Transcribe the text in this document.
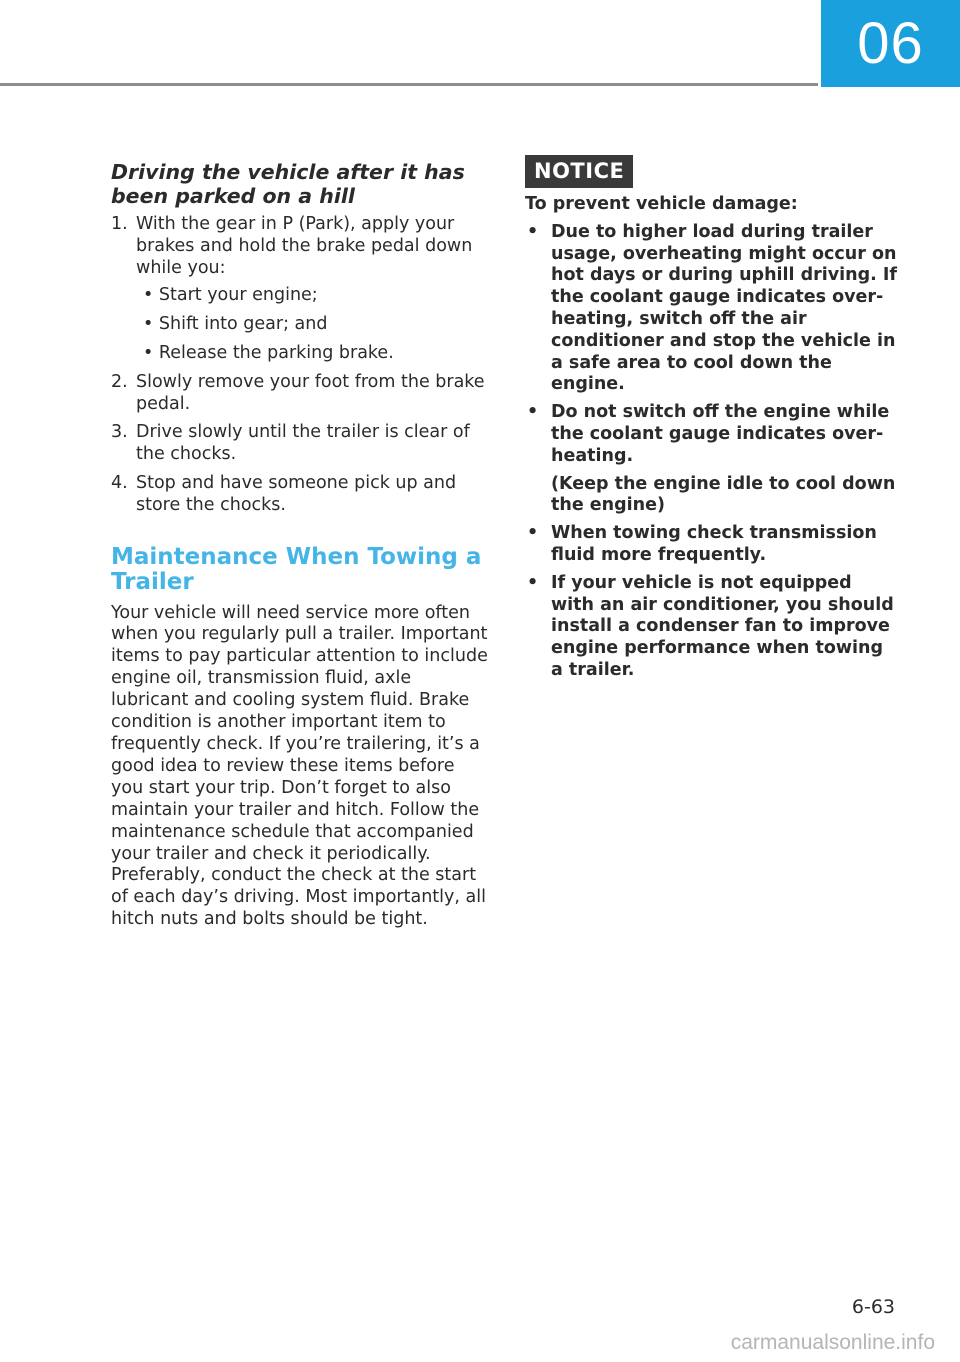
06
Driving the vehicle after it has been parked on a hill
1. With the gear in P (Park), apply your brakes and hold the brake pedal down while you:
• Start your engine;
• Shift into gear; and
• Release the parking brake.
2. Slowly remove your foot from the brake pedal.
3. Drive slowly until the trailer is clear of the chocks.
4. Stop and have someone pick up and store the chocks.
Maintenance When Towing a Trailer

Your vehicle will need service more often when you regularly pull a trailer. Important items to pay particular attention to include engine oil, transmission fluid, axle lubricant and cooling system fluid. Brake condition is another important item to frequently check. If you’re trailering, it’s a good idea to review these items before you start your trip. Don’t forget to also maintain your trailer and hitch. Follow the maintenance schedule that accompanied your trailer and check it periodically. Preferably, conduct the check at the start of each day’s driving. Most importantly, all hitch nuts and bolts should be tight.

NOTICE

To prevent vehicle damage:

• Due to higher load during trailer usage, overheating might occur on hot days or during uphill driving. If the coolant gauge indicates over-heating, switch off the air conditioner and stop the vehicle in a safe area to cool down the engine.
• Do not switch off the engine while the coolant gauge indicates over-heating.
(Keep the engine idle to cool down the engine)
• When towing check transmission fluid more frequently.
• If your vehicle is not equipped with an air conditioner, you should install a condenser fan to improve engine performance when towing a trailer.
6-63
carmanualsonline.info
